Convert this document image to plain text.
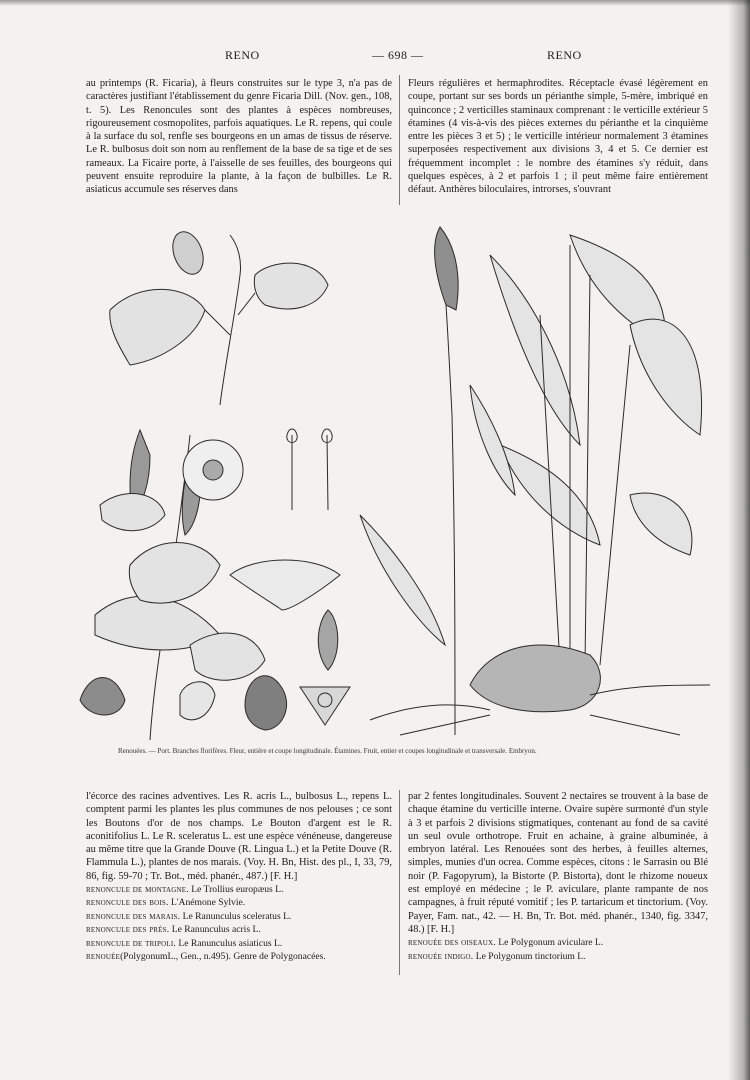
RENO	— 698 —	RENO

au printemps (R. Ficaria), à fleurs construites sur le type 3, n'a pas de caractères justifiant l'établissement du genre Ficaria Dill. (Nov. gen., 108, t. 5). Les Renoncules sont des plantes à espèces nombreuses, rigoureusement cosmopolites, parfois aquatiques. Le R. repens, qui coule à la surface du sol, renfle ses bourgeons en un amas de tissus de réserve. Le R. bulbosus doit son nom au renflement de la base de sa tige et de ses rameaux. La Ficaire porte, à l'aisselle de ses feuilles, des bourgeons qui peuvent ensuite reproduire la plante, à la façon de bulbilles. Le R. asiaticus accumule ses réserves dans

Fleurs régulières et hermaphrodites. Réceptacle évasé légèrement en coupe, portant sur ses bords un périanthe simple, 5-mère, imbriqué en quinconce ; 2 verticilles staminaux comprenant : le verticille extérieur 5 étamines (4 vis-à-vis des pièces externes du périanthe et la cinquième entre les pièces 3 et 5) ; le verticille intérieur normalement 3 étamines superposées respectivement aux divisions 3, 4 et 5. Ce dernier est fréquemment incomplet : le nombre des étamines s'y réduit, dans quelques espèces, à 2 et parfois 1 ; il peut même faire entièrement défaut. Anthères biloculaires, introrses, s'ouvrant

Renouées. — Port. Branches florifères. Fleur, entière et coupe longitudinale. Étamines. Fruit, entier et coupes longitudinale et transversale. Embryon.

l'écorce des racines adventives. Les R. acris L., bulbosus L., repens L. comptent parmi les plantes les plus communes de nos pelouses ; ce sont les Boutons d'or de nos champs. Le Bouton d'argent est le R. aconitifolius L. Le R. sceleratus L. est une espèce vénéneuse, dangereuse au même titre que la Grande Douve (R. Lingua L.) et la Petite Douve (R. Flammula L.), plantes de nos marais. (Voy. H. Bn, Hist. des pl., I, 33, 79, 86, fig. 59-70 ; Tr. Bot., méd. phanér., 487.) [F. H.]

renoncule de montagne. Le Trollius europæus L.
renoncule des bois. L'Anémone Sylvie.
renoncule des marais. Le Ranunculus sceleratus L.
renoncule des prés. Le Ranunculus acris L.
renoncule de tripoli. Le Ranunculus asiaticus L.
renouée(PolygonumL., Gen., n.495). Genre de Polygonacées.

par 2 fentes longitudinales. Souvent 2 nectaires se trouvent à la base de chaque étamine du verticille interne. Ovaire supère surmonté d'un style à 3 et parfois 2 divisions stigmatiques, contenant au fond de sa cavité un seul ovule orthotrope. Fruit en achaine, à graine albuminée, à embryon latéral. Les Renouées sont des herbes, à feuilles alternes, simples, munies d'un ocrea. Comme espèces, citons : le Sarrasin ou Blé noir (P. Fagopyrum), la Bistorte (P. Bistorta), dont le rhizome noueux est employé en médecine ; le P. aviculare, plante rampante de nos campagnes, à fruit réputé vomitif ; les P. tartaricum et tinctorium. (Voy. Payer, Fam. nat., 42. — H. Bn, Tr. Bot. méd. phanér., 1340, fig. 3347, 48.) [F. H.]

renouée des oiseaux. Le Polygonum aviculare L.
renouée indigo. Le Polygonum tinctorium L.
